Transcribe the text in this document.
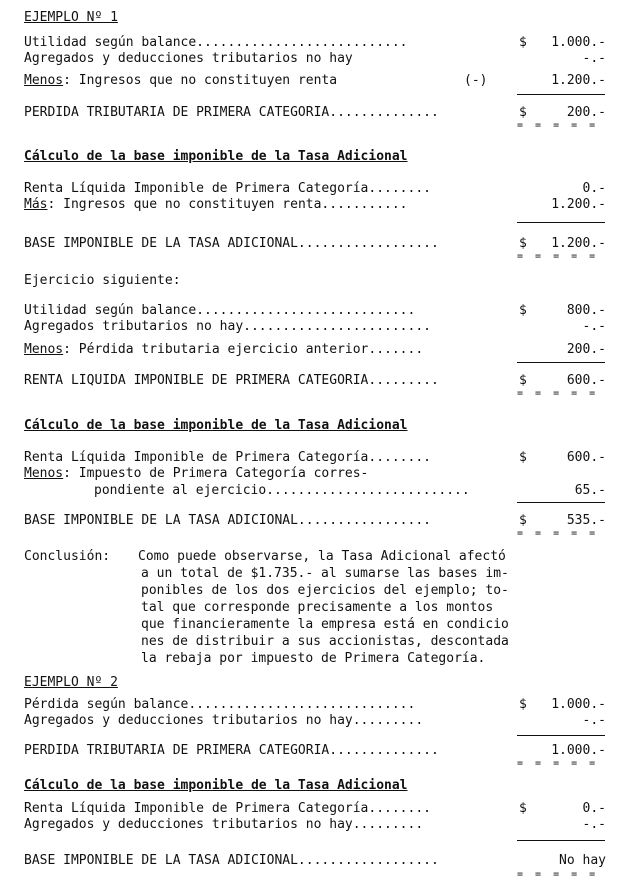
EJEMPLO Nº 1
Utilidad según balance...........................	$ 1.000.-
Agregados y deducciones tributarios no hay	-.-
Menos: Ingresos que no constituyen renta	(-)	1.200.-
PERDIDA TRIBUTARIA DE PRIMERA CATEGORIA..............	$	200.-
= = = = =
Cálculo de la base imponible de la Tasa Adicional
Renta Líquida Imponible de Primera Categoría........	0.-
Más: Ingresos que no constituyen renta...........	1.200.-
BASE IMPONIBLE DE LA TASA ADICIONAL..................	$ 1.200.-
= = = = =
Ejercicio siguiente:
Utilidad según balance............................	$	800.-
Agregados tributarios no hay........................	-.-
Menos: Pérdida tributaria ejercicio anterior.......	200.-
RENTA LIQUIDA IMPONIBLE DE PRIMERA CATEGORIA.........	$	600.-
= = = = =
Cálculo de la base imponible de la Tasa Adicional
Renta Líquida Imponible de Primera Categoría........	$	600.-
Menos: Impuesto de Primera Categoría corres-
pondiente al ejercicio..........................	65.-
BASE IMPONIBLE DE LA TASA ADICIONAL.................	$	535.-
= = = = =
Conclusión: Como puede observarse, la Tasa Adicional afectó
a un total de $1.735.- al sumarse las bases im-
ponibles de los dos ejercicios del ejemplo; to-
tal que corresponde precisamente a los montos
que financieramente la empresa está en condicio
nes de distribuir a sus accionistas, descontada
la rebaja por impuesto de Primera Categoría.
EJEMPLO Nº 2
Pérdida según balance.............................	$ 1.000.-
Agregados y deducciones tributarios no hay.........	-.-
PERDIDA TRIBUTARIA DE PRIMERA CATEGORIA..............	1.000.-
= = = = =
Cálculo de la base imponible de la Tasa Adicional
Renta Líquida Imponible de Primera Categoría........	$	0.-
Agregados y deducciones tributarios no hay.........	-.-
BASE IMPONIBLE DE LA TASA ADICIONAL..................	No hay
= = = = =
